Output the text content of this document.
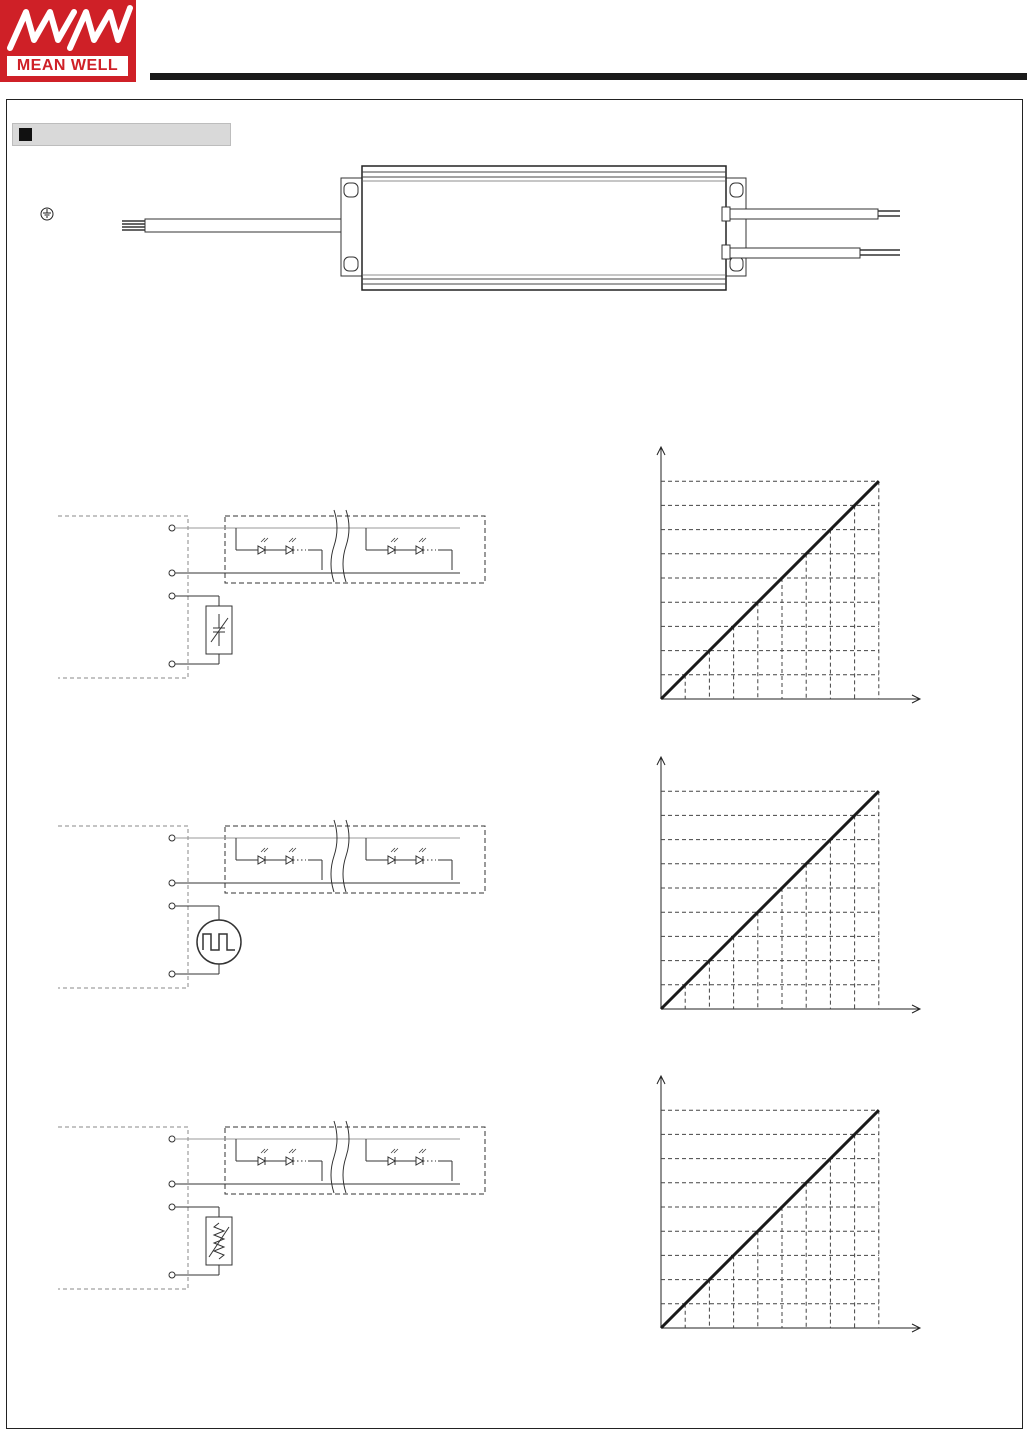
MEAN WELL
